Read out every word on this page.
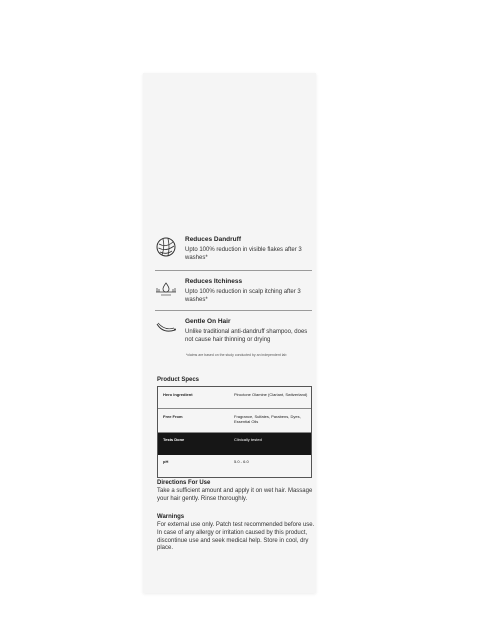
Reduces Dandruff
Upto 100% reduction in visible flakes after 3 washes*
Reduces Itchiness
Upto 100% reduction in scalp itching after 3 washes*
Gentle On Hair
Unlike traditional anti-dandruff shampoo, does not cause hair thinning or drying
*claims are based on the study conducted by an independent lab
Product Specs
Hero Ingredient	Piroctone Olamine (Clariant, Switzerland)
Free From	Fragrance, Sulfates, Parabens, Dyes, Essential Oils
Tests Done	Clinically tested
pH	5.0 - 6.0
Directions For Use
Take a sufficient amount and apply it on wet hair. Massage your hair gently. Rinse thoroughly.
Warnings
For external use only. Patch test recommended before use. In case of any allergy or irritation caused by this product, discontinue use and seek medical help. Store in cool, dry place.
